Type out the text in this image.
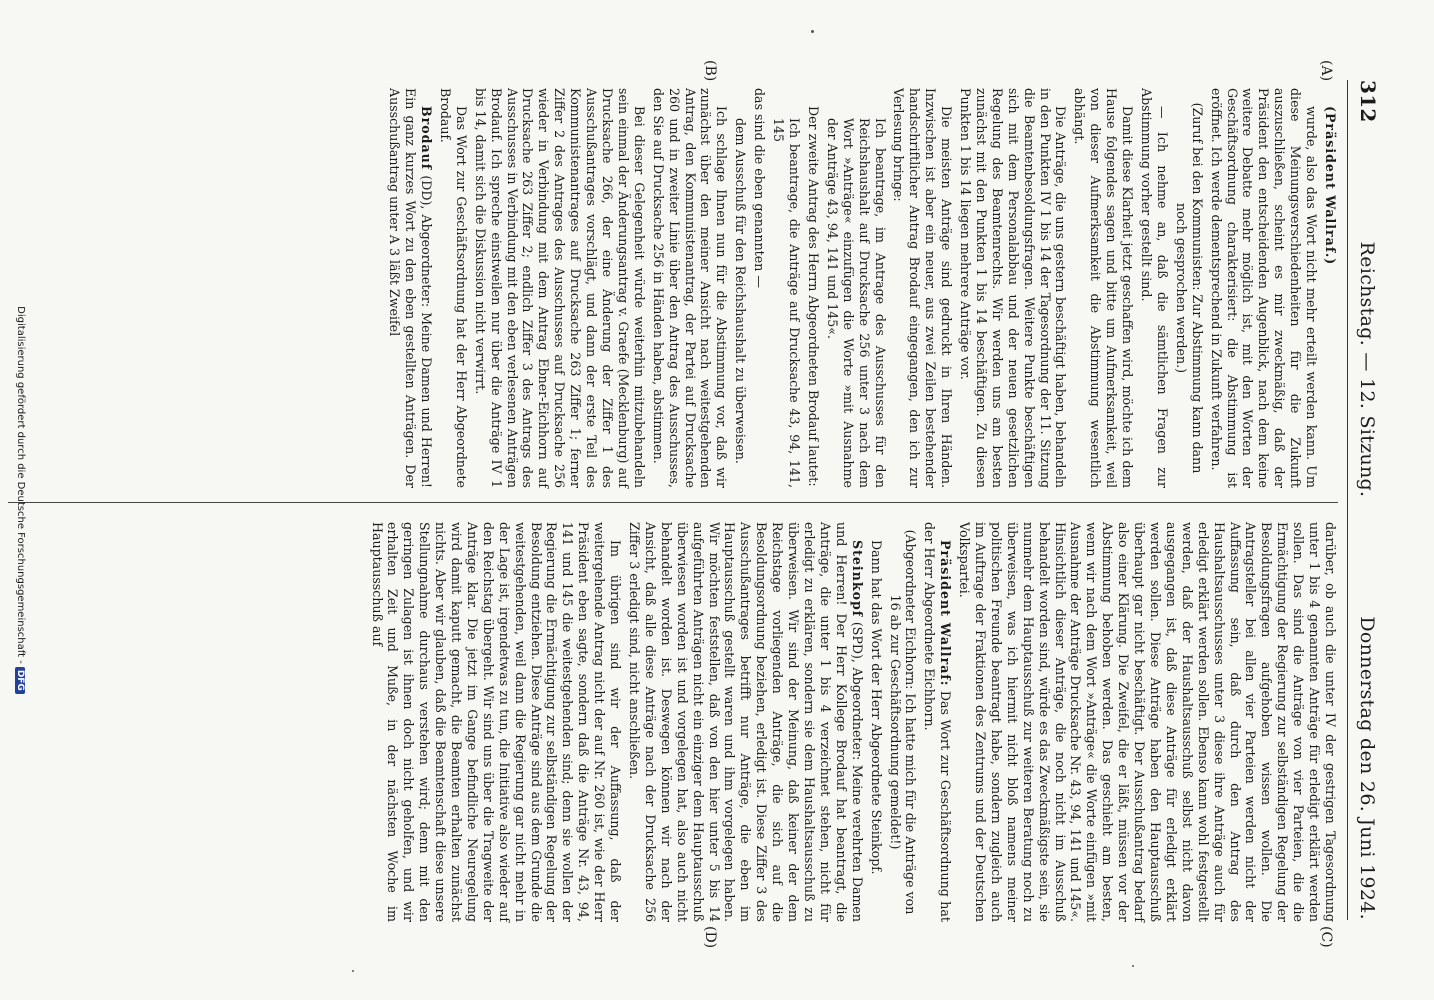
312
Reichstag. — 12. Sitzung.
Donnerstag den 26. Juni 1924.
(A)
(B)
(C)
(D)

(Präsident Wallraf.)

wurde, also das Wort nicht mehr erteilt werden kann. Um diese Meinungsverschiedenheiten für die Zukunft auszuschließen, scheint es mir zweckmäßig, daß der Präsident den entscheidenden Augenblick, nach dem keine weitere Debatte mehr möglich ist, mit den Worten der Geschäftsordnung charakterisiert: die Abstimmung ist eröffnet. Ich werde dementsprechend in Zukunft verfahren.

(Zuruf bei den Kommunisten: Zur Abstimmung kann dann noch gesprochen werden.)

— Ich nehme an, daß die sämtlichen Fragen zur Abstimmung vorher gestellt sind.

Damit diese Klarheit jetzt geschaffen wird, möchte ich dem Hause folgendes sagen und bitte um Aufmerksamkeit, weil von dieser Aufmerksamkeit die Abstimmung wesentlich abhängt.

Die Anträge, die uns gestern beschäftigt haben, behandeln in den Punkten IV 1 bis 14 der Tagesordnung der 11. Sitzung die Beamtenbesoldungsfragen. Weitere Punkte beschäftigen sich mit dem Personalabbau und der neuen gesetzlichen Regelung des Beamtenrechts. Wir werden uns am besten zunächst mit den Punkten 1 bis 14 beschäftigen. Zu diesen Punkten 1 bis 14 liegen mehrere Anträge vor.

Die meisten Anträge sind gedruckt in Ihren Händen. Inzwischen ist aber ein neuer, aus zwei Zeilen bestehender handschriftlicher Antrag Brodauf eingegangen, den ich zur Verlesung bringe:

Ich beantrage, im Antrage des Ausschusses für den Reichshaushalt auf Drucksache 256 unter 3 nach dem Wort »Anträge« einzufügen die Worte »mit Ausnahme der Anträge 43, 94, 141 und 145«.

Der zweite Antrag des Herrn Abgeordneten Brodauf lautet:

Ich beantrage, die Anträge auf Drucksache 43, 94, 141, 145

das sind die eben genannten —

dem Ausschuß für den Reichshaushalt zu überweisen.

Ich schlage Ihnen nun für die Abstimmung vor, daß wir zunächst über den meiner Ansicht nach weitestgehenden Antrag, den Kommunistenantrag, der Partei auf Drucksache 260 und in zweiter Linie über den Antrag des Ausschusses, den Sie auf Drucksache 256 in Händen haben, abstimmen.

Bei dieser Gelegenheit würde weiterhin mitzubehandeln sein einmal der Änderungsantrag v. Graefe (Mecklenburg) auf Drucksache 266, der eine Änderung der Ziffer 1 des Ausschußantrages vorschlägt, und dann der erste Teil des Kommunistenantrages auf Drucksache 263 Ziffer 1; ferner Ziffer 2 des Antrages des Ausschusses auf Drucksache 256 wieder in Verbindung mit dem Antrag Ebner-Eichhorn auf Drucksache 263 Ziffer 2; endlich Ziffer 3 des Antrags des Ausschusses in Verbindung mit den eben verlesenen Anträgen Brodauf. Ich spreche einstweilen nur über die Anträge IV 1 bis 14, damit sich die Diskussion nicht verwirrt.

Das Wort zur Geschäftsordnung hat der Herr Abgeordnete Brodauf.

Brodauf (DD), Abgeordneter: Meine Damen und Herren! Ein ganz kurzes Wort zu den eben gestellten Anträgen. Der Ausschußantrag unter A 3 läßt Zweifel

darüber, ob auch die unter IV der gestrigen Tagesordnung unter 1 bis 4 genannten Anträge für erledigt erklärt werden sollen. Das sind die Anträge von vier Parteien, die die Ermächtigung der Regierung zur selbständigen Regelung der Besoldungsfragen aufgehoben wissen wollen. Die Antragsteller bei allen vier Parteien werden nicht der Auffassung sein, daß durch den Antrag des Haushaltsausschusses unter 3 diese ihre Anträge auch für erledigt erklärt werden sollen. Ebenso kann wohl festgestellt werden, daß der Haushaltsausschuß selbst nicht davon ausgegangen ist, daß diese Anträge für erledigt erklärt werden sollen. Diese Anträge haben den Hauptausschuß überhaupt gar nicht beschäftigt. Der Ausschußantrag bedarf also einer Klärung. Die Zweifel, die er läßt, müssen vor der Abstimmung behoben werden. Das geschieht am besten, wenn wir nach dem Wort »Anträge« die Worte einfügen »mit Ausnahme der Anträge Drucksache Nr. 43, 94, 141 und 145«. Hinsichtlich dieser Anträge, die noch nicht im Ausschuß behandelt worden sind, würde es das Zweckmäßigste sein, sie nunmehr dem Hauptausschuß zur weiteren Beratung noch zu überweisen, was ich hiermit nicht bloß namens meiner politischen Freunde beantragt habe, sondern zugleich auch im Auftrage der Fraktionen des Zentrums und der Deutschen Volkspartei.

Präsident Wallraf: Das Wort zur Geschäftsordnung hat der Herr Abgeordnete Eichhorn.

(Abgeordneter Eichhorn: Ich hatte mich für die Anträge von 16 ab zur Geschäftsordnung gemeldet!)

Dann hat das Wort der Herr Abgeordnete Steinkopf.

Steinkopf (SPD), Abgeordneter: Meine verehrten Damen und Herren! Der Herr Kollege Brodauf hat beantragt, die Anträge, die unter 1 bis 4 verzeichnet stehen, nicht für erledigt zu erklären, sondern sie dem Haushaltsausschuß zu überweisen. Wir sind der Meinung, daß keiner der dem Reichstage vorliegenden Anträge, die sich auf die Besoldungsordnung beziehen, erledigt ist. Diese Ziffer 3 des Ausschußantrages betrifft nur Anträge, die eben im Hauptausschuß gestellt waren und ihm vorgelegen haben. Wir möchten feststellen, daß von den hier unter 5 bis 14 aufgeführten Anträgen nicht ein einziger dem Hauptausschuß überwiesen worden ist und vorgelegen hat, also auch nicht behandelt worden ist. Deswegen können wir nach der Ansicht, daß alle diese Anträge nach der Drucksache 256 Ziffer 3 erledigt sind, nicht anschließen.

Im übrigen sind wir der Auffassung, daß der weitergehende Antrag nicht der auf Nr. 260 ist, wie der Herr Präsident eben sagte, sondern daß die Anträge Nr. 43, 94, 141 und 145 die weitestgehenden sind; denn sie wollen der Regierung die Ermächtigung zur selbständigen Regelung der Besoldung entziehen. Diese Anträge sind aus dem Grunde die weitestgehenden, weil dann die Regierung gar nicht mehr in der Lage ist, irgendetwas zu tun, die Initiative also wieder auf den Reichstag übergeht. Wir sind uns über die Tragweite der Anträge klar. Die jetzt im Gange befindliche Neuregelung wird damit kaputt gemacht, die Beamten erhalten zunächst nichts. Aber wir glauben, daß die Beamtenschaft diese unsere Stellungnahme durchaus verstehen wird; denn mit den geringen Zulagen ist ihnen doch nicht geholfen, und wir erhalten Zeit und Muße, in der nächsten Woche im Hauptausschuß auf

Digitalisierung gefördert durch die Deutsche Forschungsgemeinschaft -DFG
